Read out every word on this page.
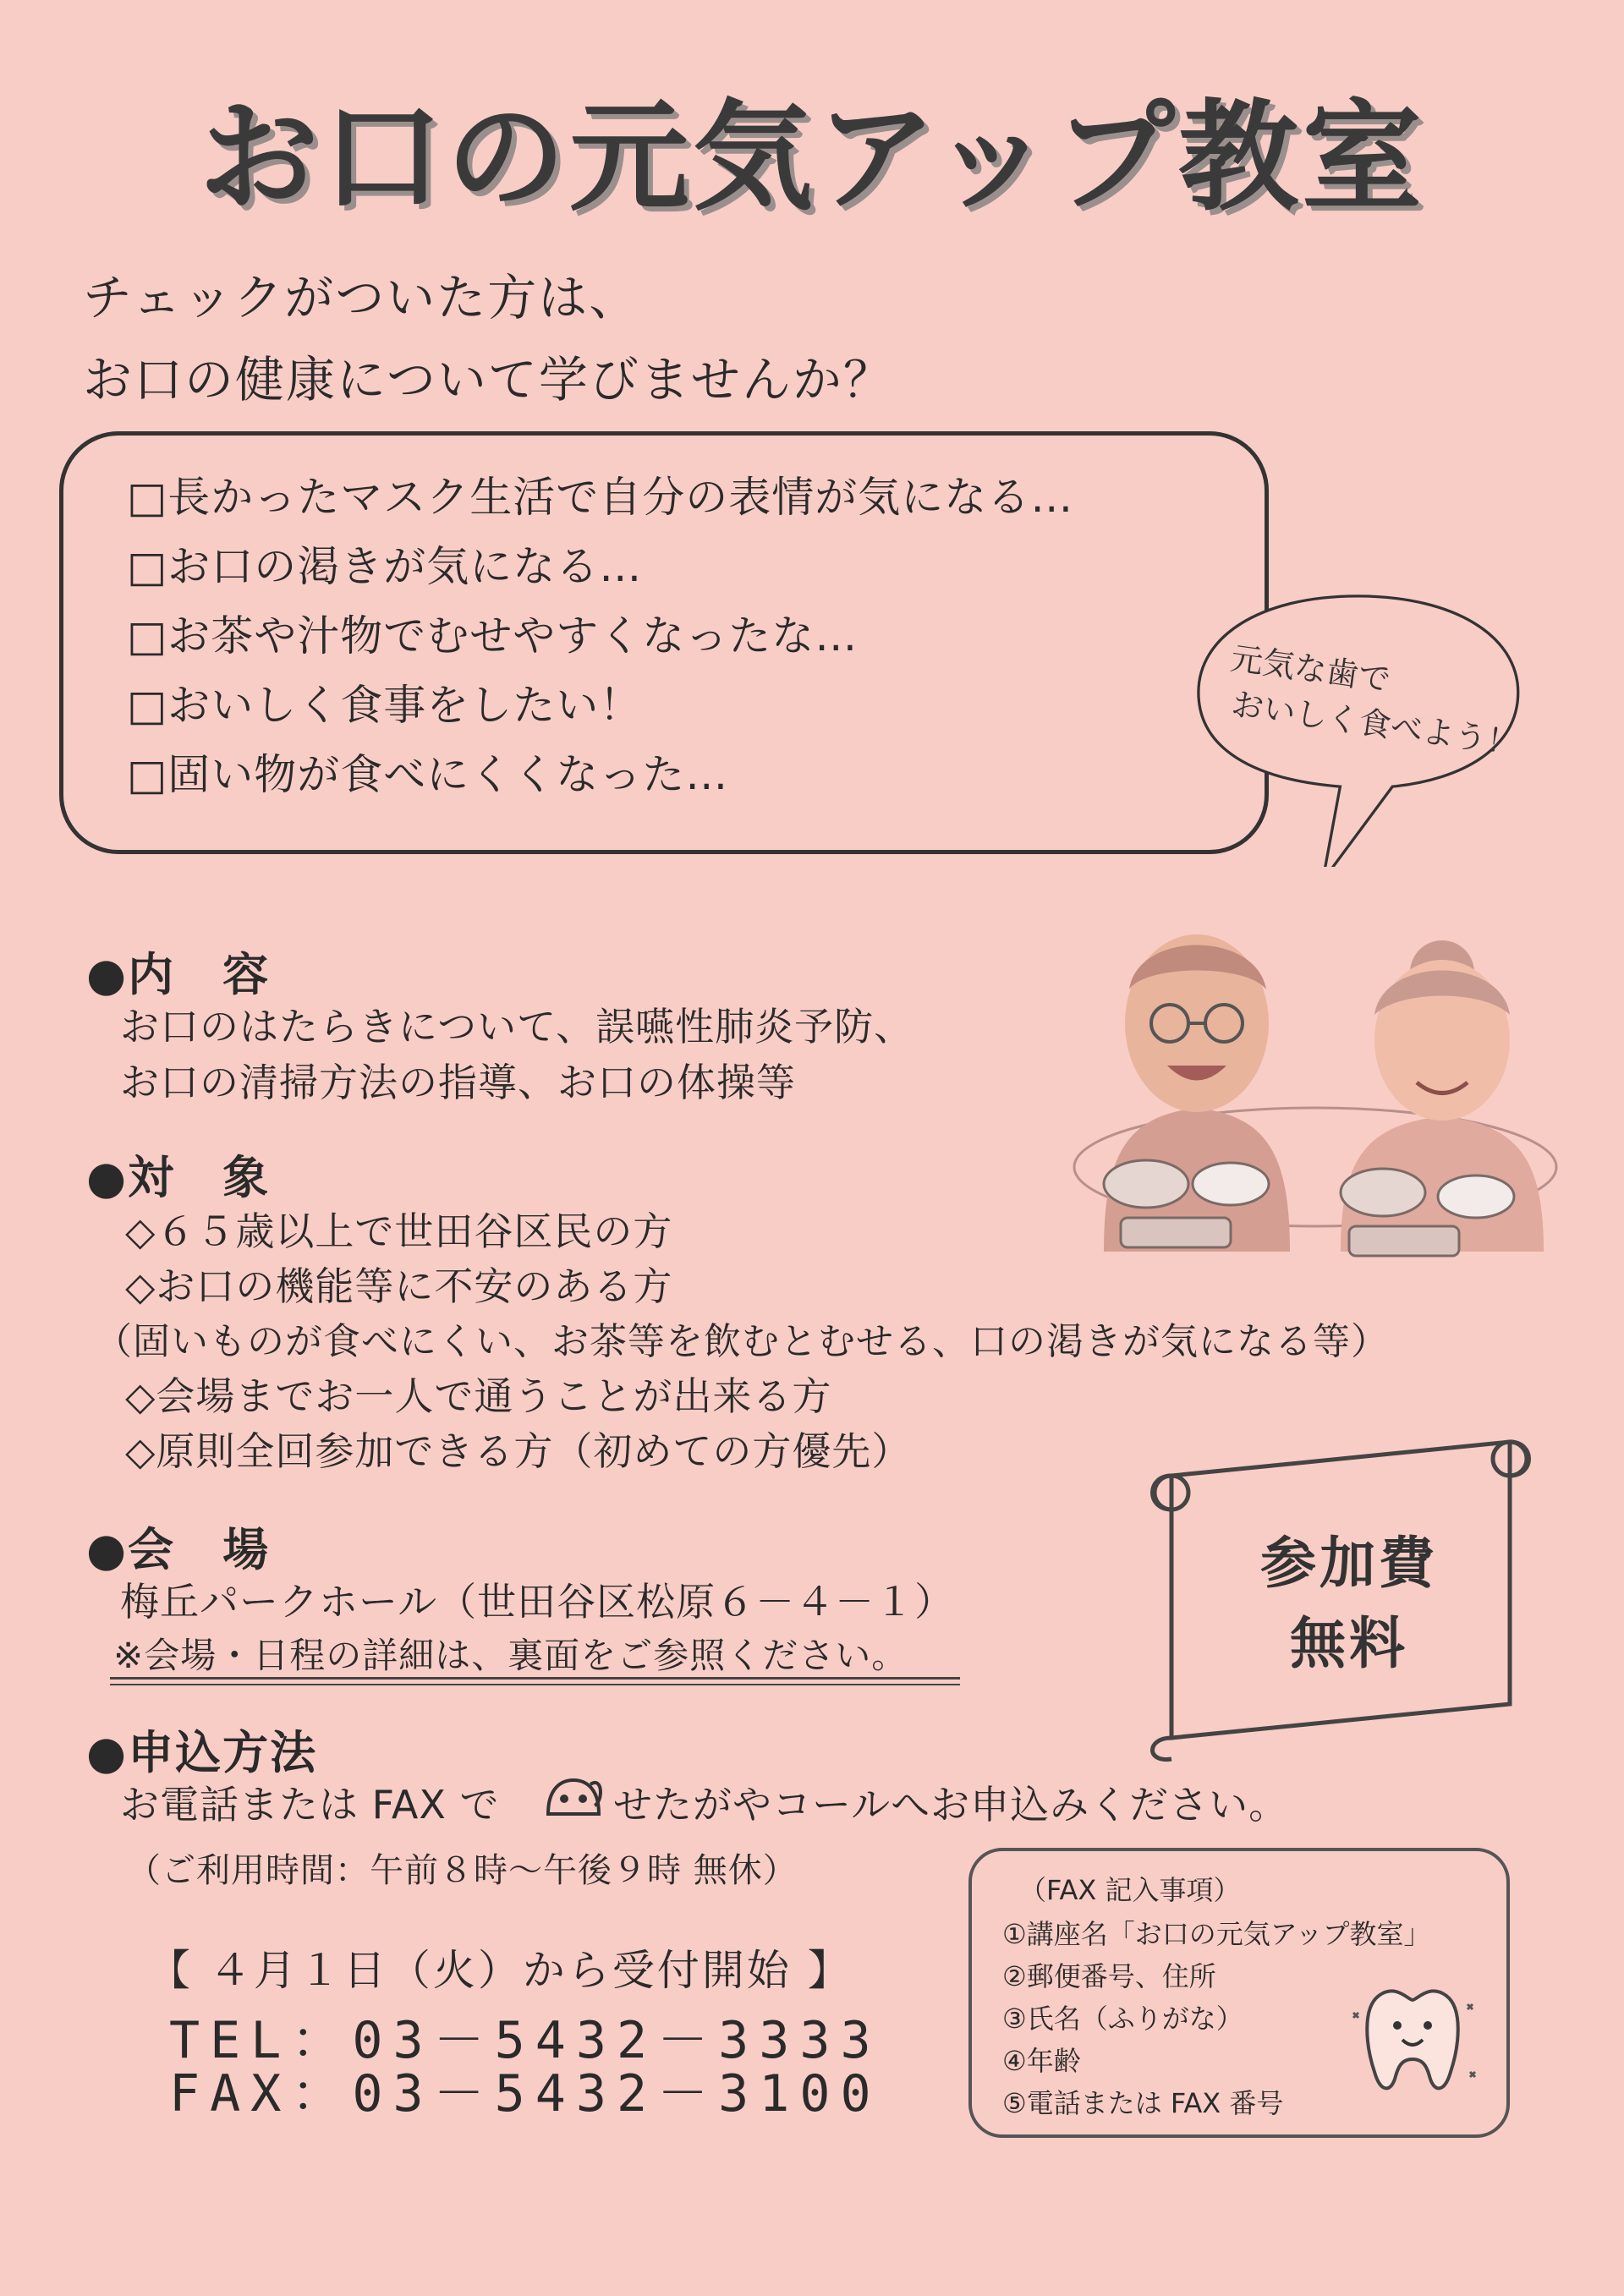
お口の元気アップ教室
チェックがついた方は、
お口の健康について学びませんか？
□長かったマスク生活で自分の表情が気になる…
□お口の渇きが気になる…
□お茶や汁物でむせやすくなったな…
□おいしく食事をしたい！
□固い物が食べにくくなった…
元気な歯で
おいしく食べよう！
●内　容
お口のはたらきについて、誤嚥性肺炎予防、
お口の清掃方法の指導、お口の体操等
●対　象
◇６５歳以上で世田谷区民の方
◇お口の機能等に不安のある方
（固いものが食べにくい、お茶等を飲むとむせる、口の渇きが気になる等）
◇会場までお一人で通うことが出来る方
◇原則全回参加できる方（初めての方優先）
参加費
無料
●会　場
梅丘パークホール（世田谷区松原６－４－１）
※会場・日程の詳細は、裏面をご参照ください。
●申込方法
お電話または FAX で	せたがやコールへお申込みください。
（ご利用時間：午前８時～午後９時 無休）
【 ４月１日（火）から受付開始 】
TEL：03－5432－3333
FAX：03－5432－3100
（FAX 記入事項）
①講座名「お口の元気アップ教室」
②郵便番号、住所
③氏名（ふりがな）
④年齢
⑤電話または FAX 番号
